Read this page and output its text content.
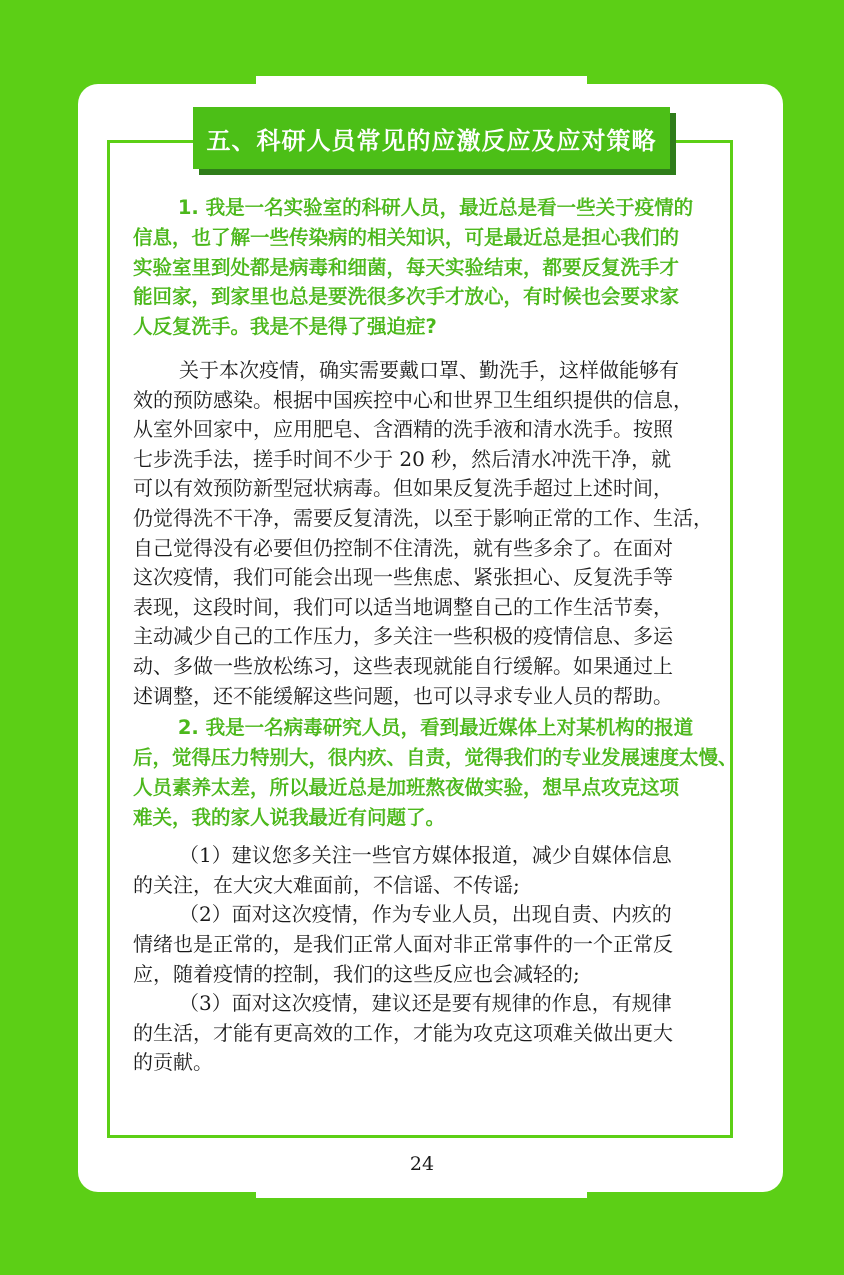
五、科研人员常见的应激反应及应对策略

1. 我是一名实验室的科研人员，最近总是看一些关于疫情的
信息，也了解一些传染病的相关知识，可是最近总是担心我们的
实验室里到处都是病毒和细菌，每天实验结束，都要反复洗手才
能回家，到家里也总是要洗很多次手才放心，有时候也会要求家
人反复洗手。我是不是得了强迫症?

关于本次疫情，确实需要戴口罩、勤洗手，这样做能够有
效的预防感染。根据中国疾控中心和世界卫生组织提供的信息，
从室外回家中，应用肥皂、含酒精的洗手液和清水洗手。按照
七步洗手法，搓手时间不少于 20 秒，然后清水冲洗干净，就
可以有效预防新型冠状病毒。但如果反复洗手超过上述时间，
仍觉得洗不干净，需要反复清洗，以至于影响正常的工作、生活，
自己觉得没有必要但仍控制不住清洗，就有些多余了。在面对
这次疫情，我们可能会出现一些焦虑、紧张担心、反复洗手等
表现，这段时间，我们可以适当地调整自己的工作生活节奏，
主动减少自己的工作压力，多关注一些积极的疫情信息、多运
动、多做一些放松练习，这些表现就能自行缓解。如果通过上
述调整，还不能缓解这些问题，也可以寻求专业人员的帮助。

2. 我是一名病毒研究人员，看到最近媒体上对某机构的报道
后，觉得压力特别大，很内疚、自责，觉得我们的专业发展速度太慢、
人员素养太差，所以最近总是加班熬夜做实验，想早点攻克这项
难关，我的家人说我最近有问题了。

（1）建议您多关注一些官方媒体报道，减少自媒体信息
的关注，在大灾大难面前，不信谣、不传谣;

（2）面对这次疫情，作为专业人员，出现自责、内疚的
情绪也是正常的，是我们正常人面对非正常事件的一个正常反
应，随着疫情的控制，我们的这些反应也会减轻的;

（3）面对这次疫情，建议还是要有规律的作息，有规律
的生活，才能有更高效的工作，才能为攻克这项难关做出更大
的贡献。

24
